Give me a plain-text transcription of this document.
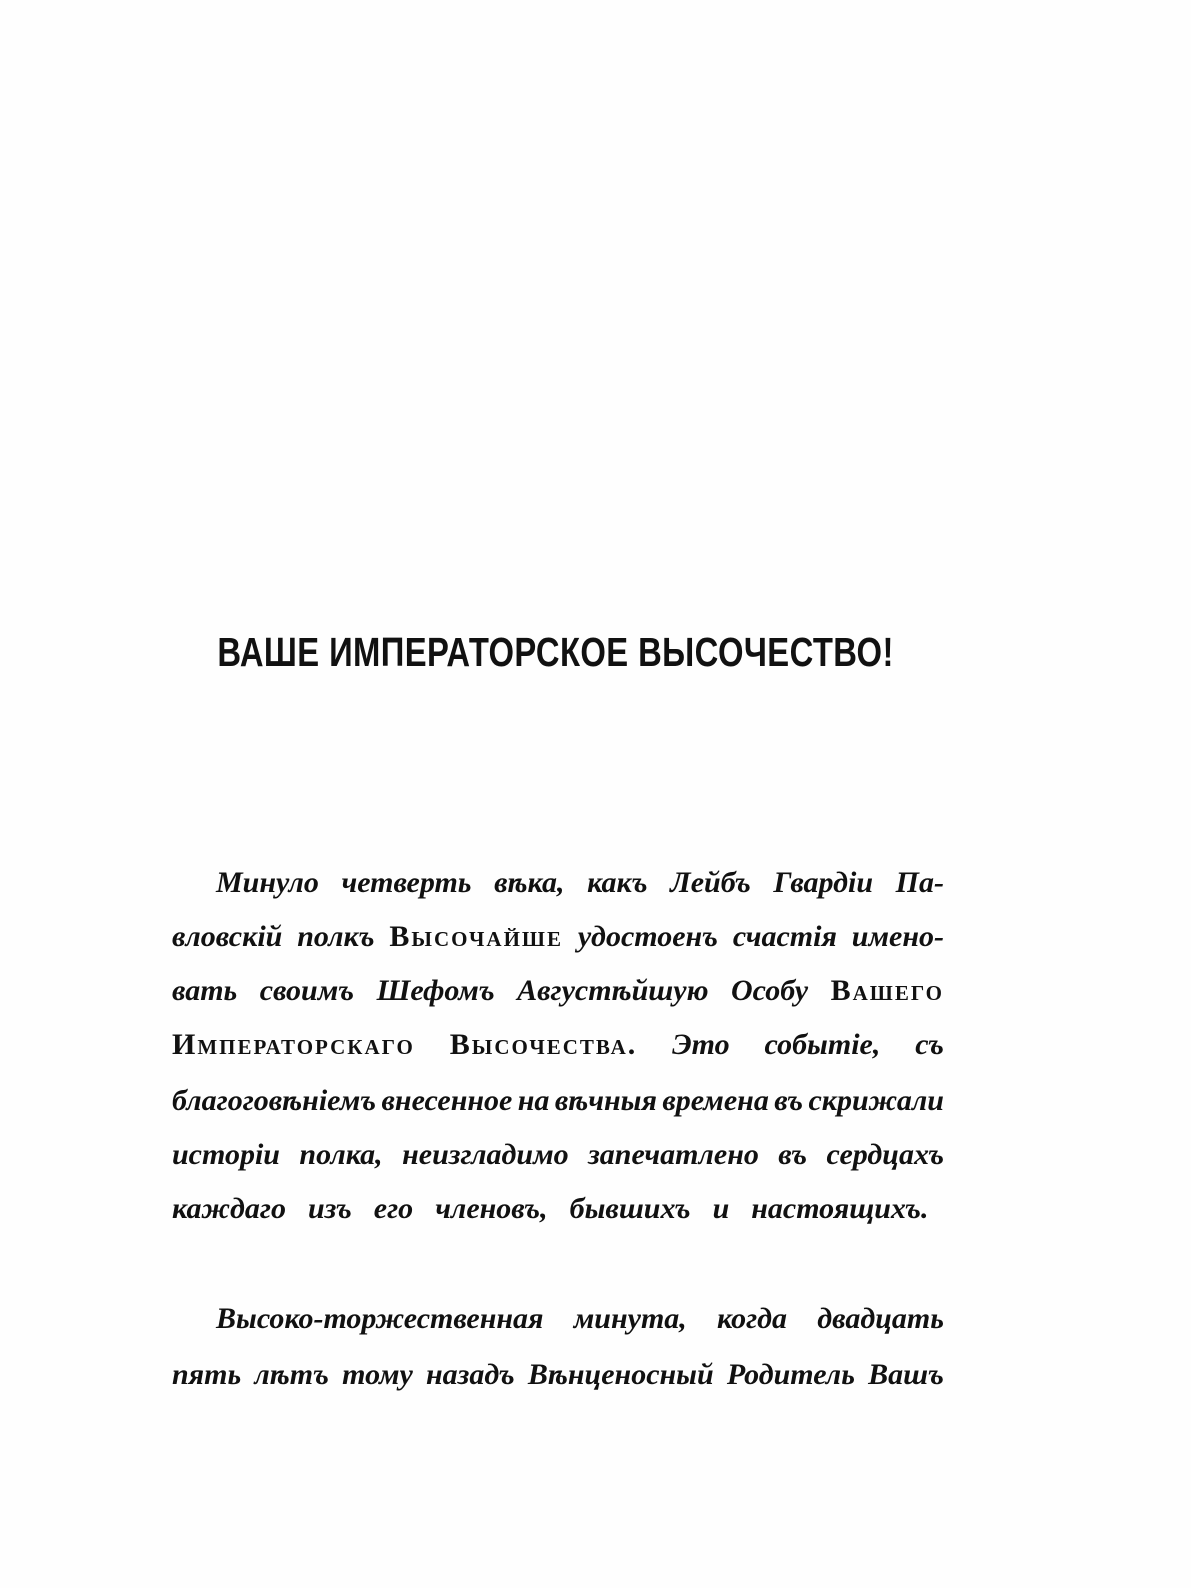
ВАШЕ ИМПЕРАТОРСКОЕ ВЫСОЧЕСТВО!
Минуло четверть вѣка, какъ Лейбъ Гвардіи Па-
вловскій полкъ Высочайше удостоенъ счастія имено-
вать своимъ Шефомъ Августѣйшую Особу Вашего
Императорскаго Высочества. Это событіе, съ
благоговѣніемъ внесенное на вѣчныя времена въ скрижали
исторіи полка, неизгладимо запечатлено въ сердцахъ
каждаго изъ его членовъ, бывшихъ и настоящихъ.
Высоко-торжественная минута, когда двадцать
пять лѣтъ тому назадъ Вѣнценосный Родитель Вашъ
